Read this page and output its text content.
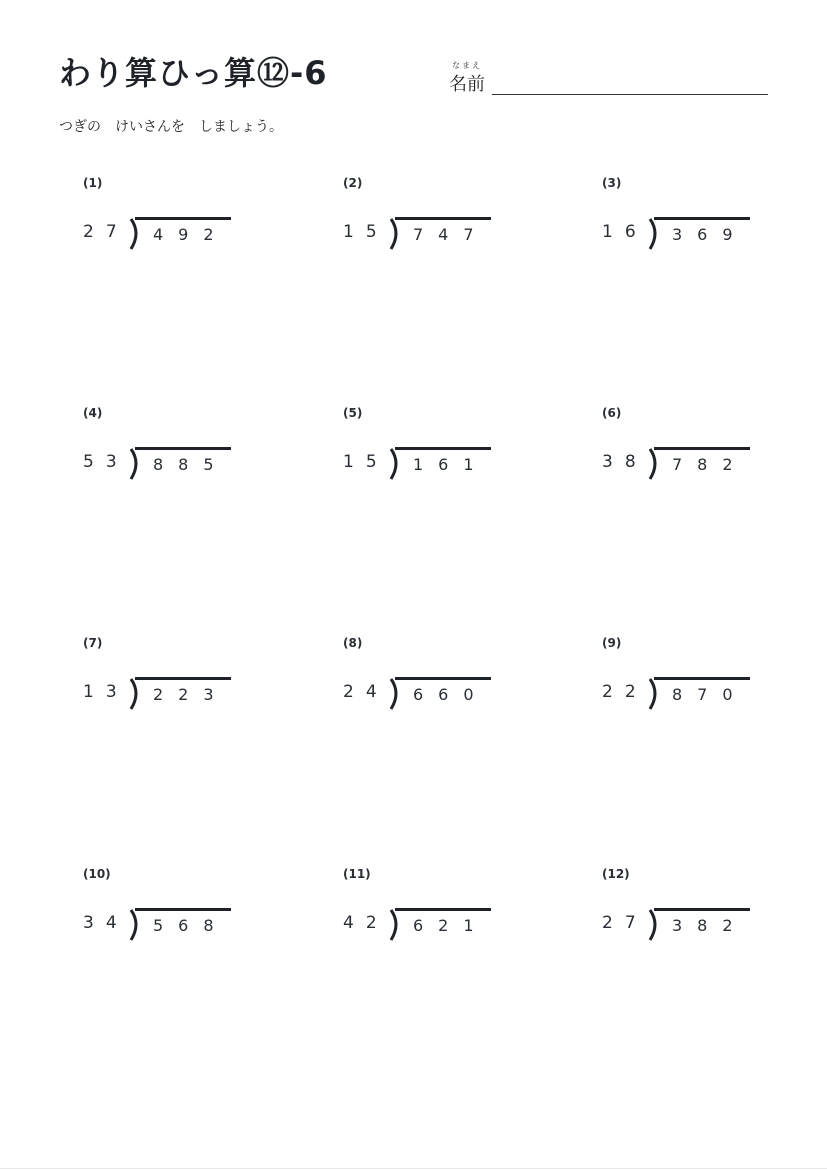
わり算ひっ算⑫-6	なまえ
名前
つぎの　けいさんを　しましょう。
(1)
27 492
(2)
15 747
(3)
16 369
(4)
53 885
(5)
15 161
(6)
38 782
(7)
13 223
(8)
24 660
(9)
22 870
(10)
34 568
(11)
42 621
(12)
27 382
